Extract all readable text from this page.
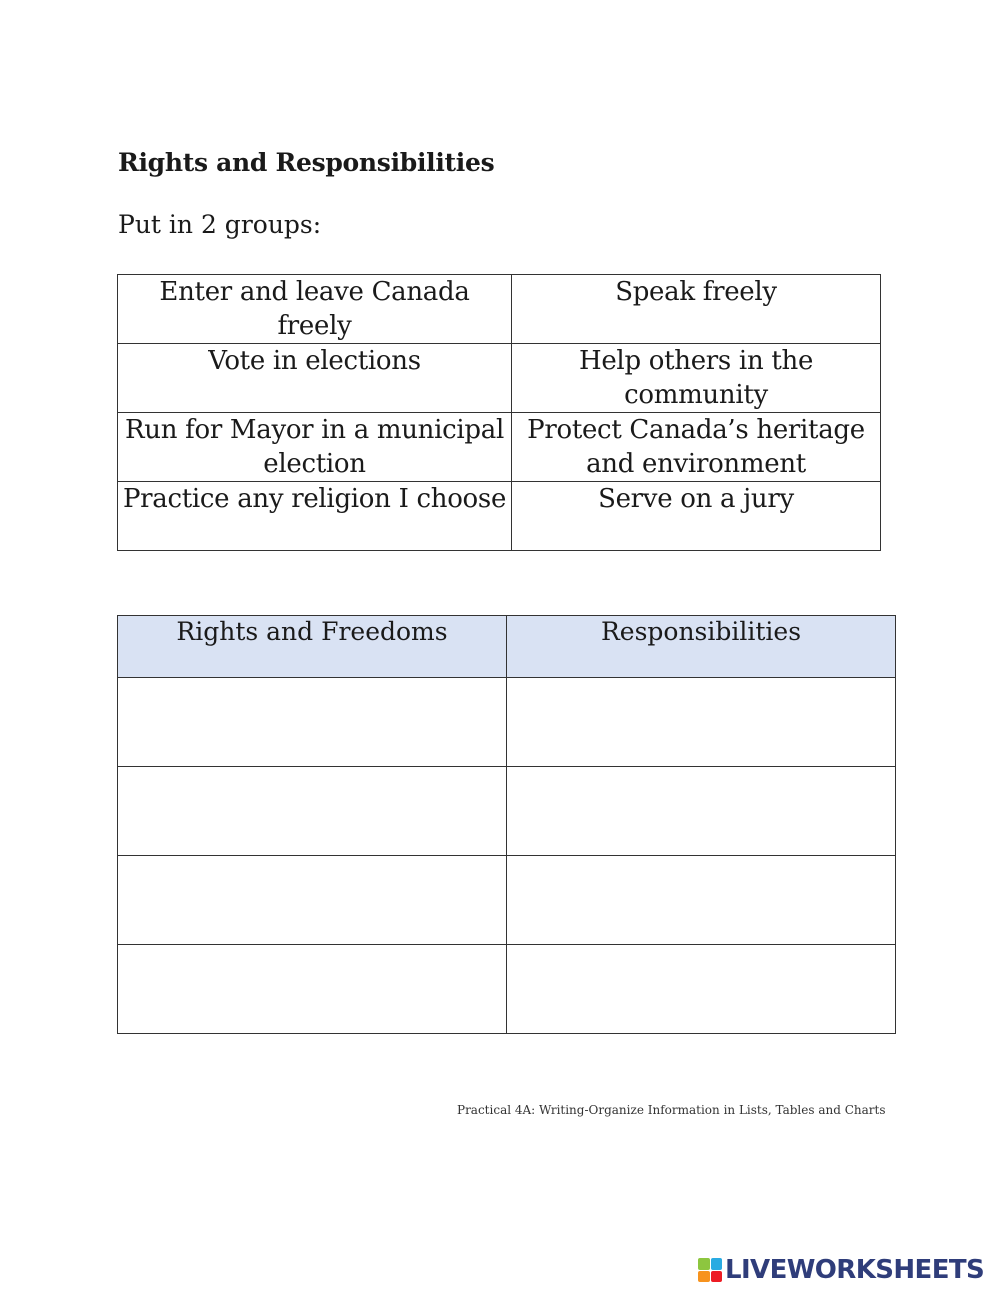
Rights and Responsibilities

Put in 2 groups:

Enter and leave Canada freely	Speak freely
Vote in elections	Help others in the community
Run for Mayor in a municipal election	Protect Canada’s heritage and environment
Practice any religion I choose	Serve on a jury
Rights and Freedoms	Responsibilities

Practical 4A: Writing-Organize Information in Lists, Tables and Charts

LIVEWORKSHEETS
